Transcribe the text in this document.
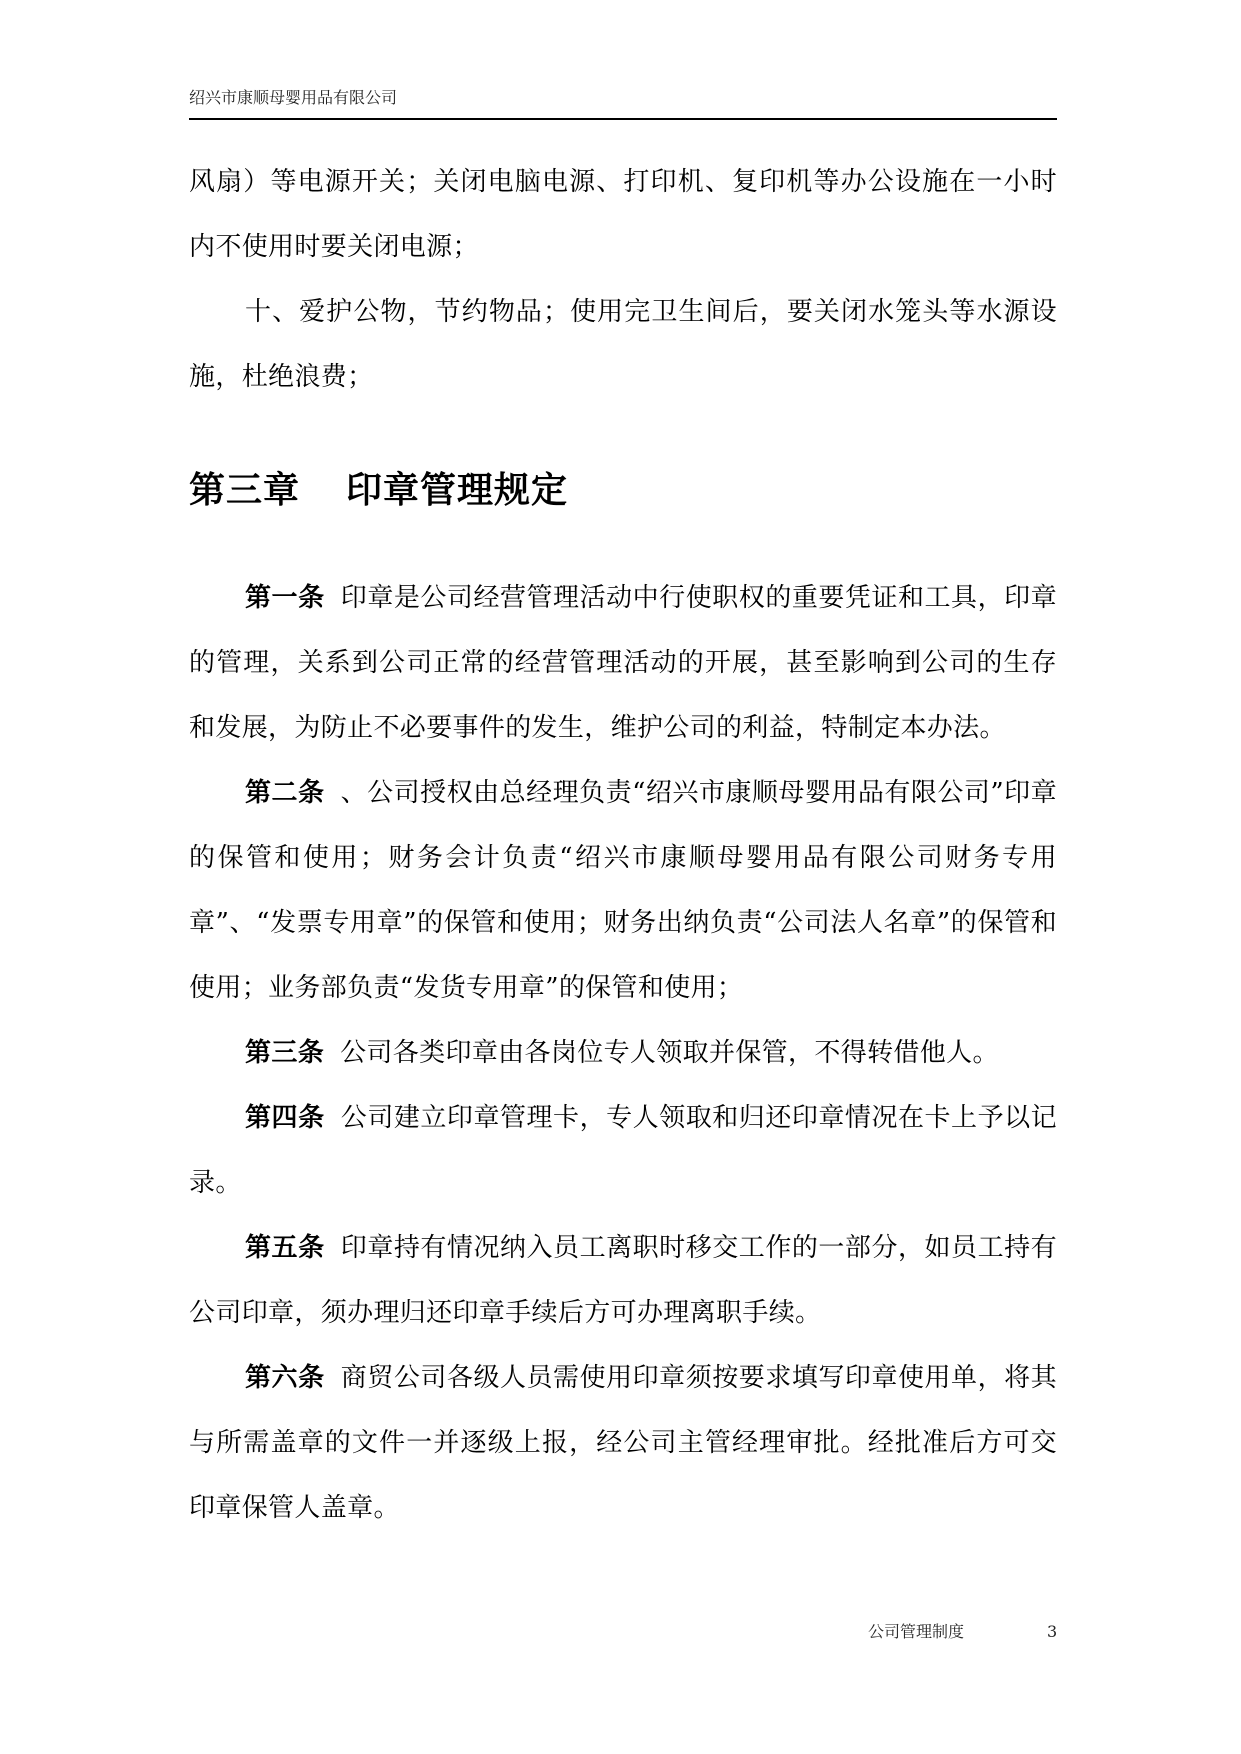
绍兴市康顺母婴用品有限公司

风扇）等电源开关；关闭电脑电源、打印机、复印机等办公设施在一小时内不使用时要关闭电源；

十、爱护公物，节约物品；使用完卫生间后，要关闭水笼头等水源设施，杜绝浪费；

第三章 印章管理规定

第一条 印章是公司经营管理活动中行使职权的重要凭证和工具，印章的管理，关系到公司正常的经营管理活动的开展，甚至影响到公司的生存和发展，为防止不必要事件的发生，维护公司的利益，特制定本办法。

第二条 、公司授权由总经理负责“绍兴市康顺母婴用品有限公司”印章的保管和使用；财务会计负责“绍兴市康顺母婴用品有限公司财务专用章”、“发票专用章”的保管和使用；财务出纳负责“公司法人名章”的保管和使用；业务部负责“发货专用章”的保管和使用；

第三条 公司各类印章由各岗位专人领取并保管，不得转借他人。

第四条 公司建立印章管理卡，专人领取和归还印章情况在卡上予以记录。

第五条 印章持有情况纳入员工离职时移交工作的一部分，如员工持有公司印章，须办理归还印章手续后方可办理离职手续。

第六条 商贸公司各级人员需使用印章须按要求填写印章使用单，将其与所需盖章的文件一并逐级上报，经公司主管经理审批。经批准后方可交印章保管人盖章。

公司管理制度	3
